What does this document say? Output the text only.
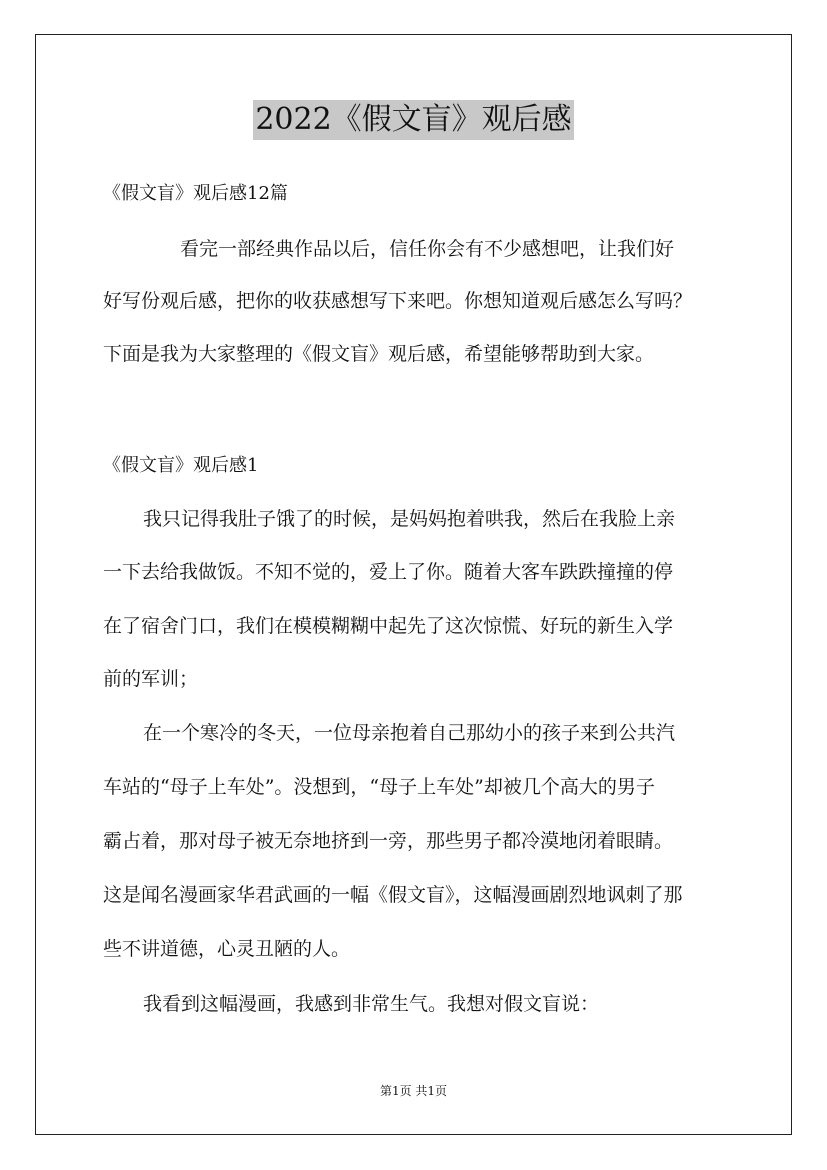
2022《假文盲》观后感
《假文盲》观后感12篇
看完一部经典作品以后，信任你会有不少感想吧，让我们好
好写份观后感，把你的收获感想写下来吧。你想知道观后感怎么写吗？
下面是我为大家整理的《假文盲》观后感，希望能够帮助到大家。
《假文盲》观后感1
我只记得我肚子饿了的时候，是妈妈抱着哄我，然后在我脸上亲
一下去给我做饭。不知不觉的，爱上了你。随着大客车跌跌撞撞的停
在了宿舍门口，我们在模模糊糊中起先了这次惊慌、好玩的新生入学
前的军训；
在一个寒冷的冬天，一位母亲抱着自己那幼小的孩子来到公共汽
车站的“母子上车处”。没想到，“母子上车处”却被几个高大的男子
霸占着，那对母子被无奈地挤到一旁，那些男子都冷漠地闭着眼睛。
这是闻名漫画家华君武画的一幅《假文盲》，这幅漫画剧烈地讽刺了那
些不讲道德，心灵丑陋的人。
我看到这幅漫画，我感到非常生气。我想对假文盲说：
第1页 共1页
